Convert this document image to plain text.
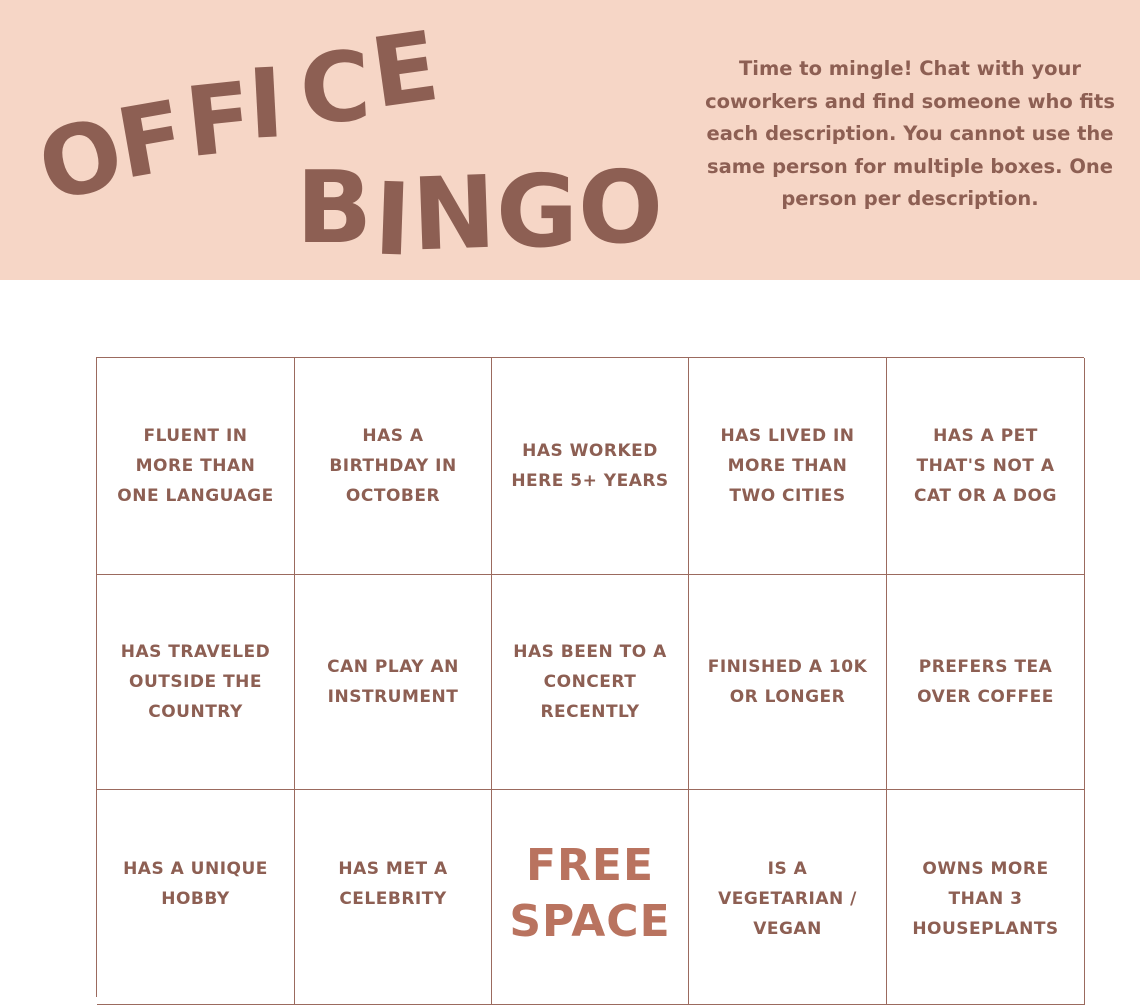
O
F
F
I C
E
B I
N
G O

Time to mingle! Chat with your coworkers and find someone who fits each description. You cannot use the same person for multiple boxes. One person per description.

FLUENT IN
MORE THAN
ONE LANGUAGE
HAS A
BIRTHDAY IN
OCTOBER
HAS WORKED
HERE 5+ YEARS
HAS LIVED IN
MORE THAN
TWO CITIES
HAS A PET
THAT'S NOT A
CAT OR A DOG
HAS TRAVELED
OUTSIDE THE
COUNTRY
CAN PLAY AN
INSTRUMENT
HAS BEEN TO A
CONCERT
RECENTLY
FINISHED A 10K
OR LONGER
PREFERS TEA
OVER COFFEE
HAS A UNIQUE
HOBBY
HAS MET A
CELEBRITY
FREE
SPACE
IS A
VEGETARIAN /
VEGAN
OWNS MORE
THAN 3
HOUSEPLANTS
